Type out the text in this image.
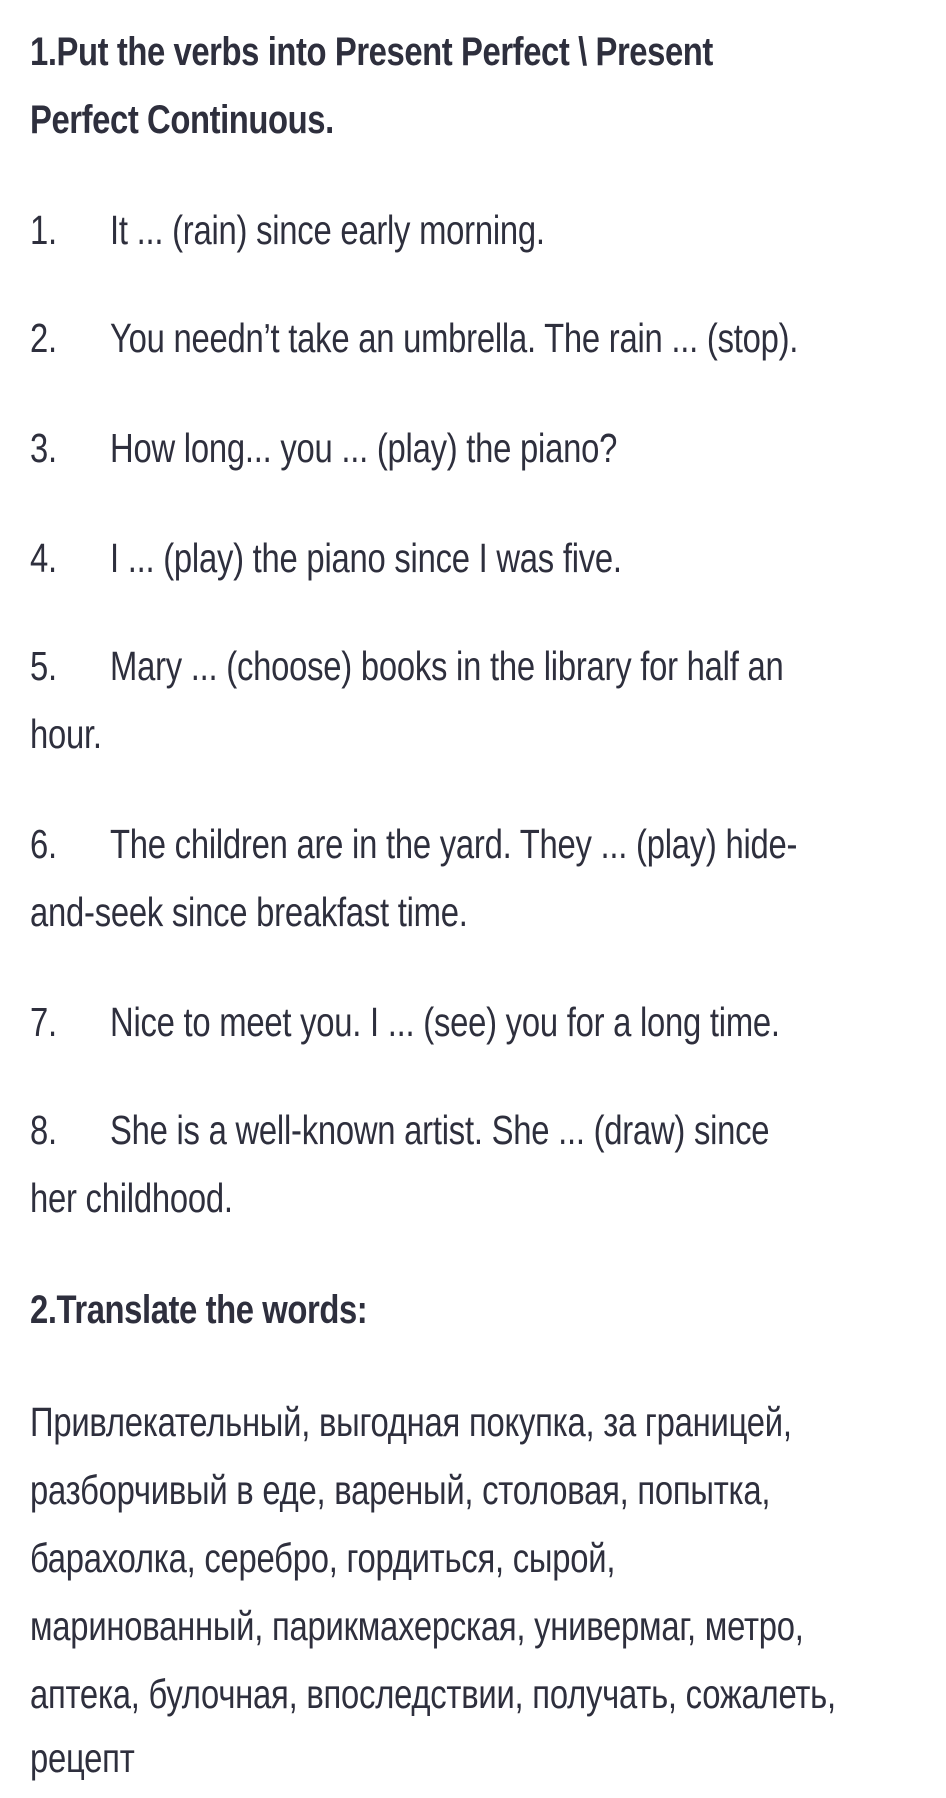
1.Put the verbs into Present Perfect \ Present
Perfect Continuous.
1. It ... (rain) since early morning.
2. You needn’t take an umbrella. The rain ... (stop).
3. How long... you ... (play) the piano?
4. I ... (play) the piano since I was five.
5. Mary ... (choose) books in the library for half an
hour.
6. The children are in the yard. They ... (play) hide-
and-seek since breakfast time.
7. Nice to meet you. I ... (see) you for a long time.
8. She is a well-known artist. She ... (draw) since
her childhood.
2.Translate the words:
Привлекательный, выгодная покупка, за границей,
разборчивый в еде, вареный, столовая, попытка,
барахолка, серебро, гордиться, сырой,
маринованный, парикмахерская, универмаг, метро,
аптека, булочная, впоследствии, получать, сожалеть,
рецепт
